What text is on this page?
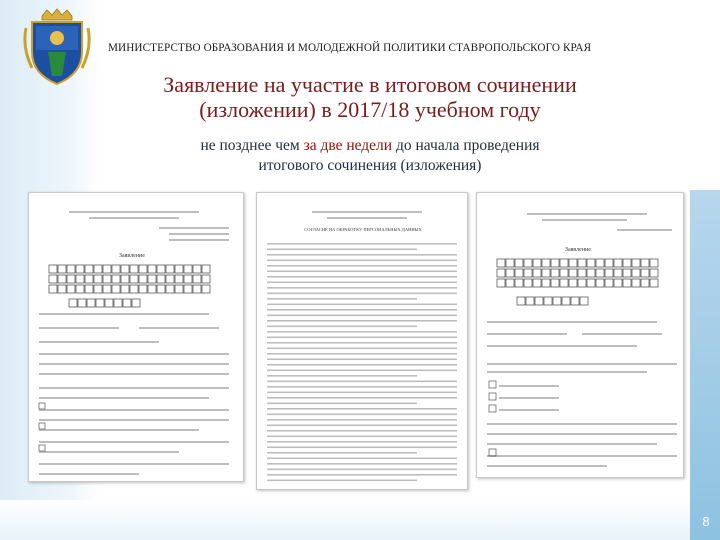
МИНИСТЕРСТВО ОБРАЗОВАНИЯ И МОЛОДЕЖНОЙ ПОЛИТИКИ СТАВРОПОЛЬСКОГО КРАЯ
Заявление на участие в итоговом сочинении
(изложении) в 2017/18 учебном году
не позднее чем за две недели до начала проведения
итогового сочинения (изложения)
Заявление
СОГЛАСИЕ НА ОБРАБОТКУ ПЕРСОНАЛЬНЫХ ДАННЫХ
Заявление
8
